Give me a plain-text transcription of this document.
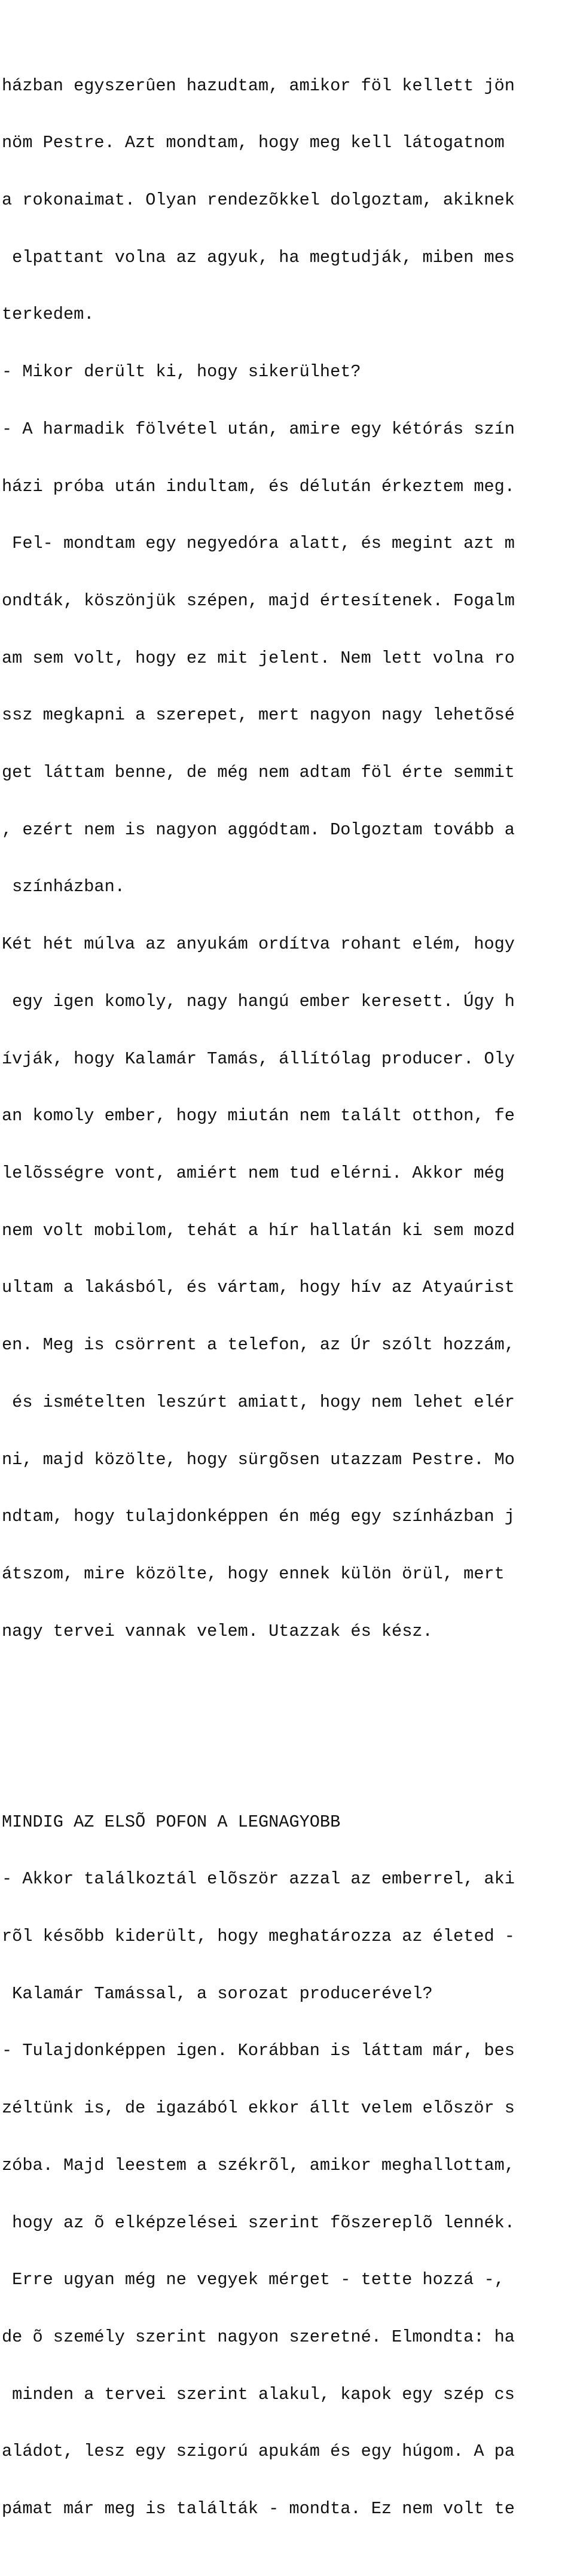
házban egyszerûen hazudtam, amikor föl kellett jön

nöm Pestre. Azt mondtam, hogy meg kell látogatnom

a rokonaimat. Olyan rendezõkkel dolgoztam, akiknek

elpattant volna az agyuk, ha megtudják, miben mes

terkedem.

- Mikor derült ki, hogy sikerülhet?

- A harmadik fölvétel után, amire egy kétórás szín

házi próba után indultam, és délután érkeztem meg.

Fel- mondtam egy negyedóra alatt, és megint azt m

ondták, köszönjük szépen, majd értesítenek. Fogalm

am sem volt, hogy ez mit jelent. Nem lett volna ro

ssz megkapni a szerepet, mert nagyon nagy lehetõsé

get láttam benne, de még nem adtam föl érte semmit

, ezért nem is nagyon aggódtam. Dolgoztam tovább a

színházban.

Két hét múlva az anyukám ordítva rohant elém, hogy

egy igen komoly, nagy hangú ember keresett. Úgy h

ívják, hogy Kalamár Tamás, állítólag producer. Oly

an komoly ember, hogy miután nem talált otthon, fe

lelõsségre vont, amiért nem tud elérni. Akkor még

nem volt mobilom, tehát a hír hallatán ki sem mozd

ultam a lakásból, és vártam, hogy hív az Atyaúrist

en. Meg is csörrent a telefon, az Úr szólt hozzám,

és ismételten leszúrt amiatt, hogy nem lehet elér

ni, majd közölte, hogy sürgõsen utazzam Pestre. Mo

ndtam, hogy tulajdonképpen én még egy színházban j

átszom, mire közölte, hogy ennek külön örül, mert

nagy tervei vannak velem. Utazzak és kész.

MINDIG AZ ELSÕ POFON A LEGNAGYOBB

- Akkor találkoztál elõször azzal az emberrel, aki

rõl késõbb kiderült, hogy meghatározza az életed -

Kalamár Tamással, a sorozat producerével?

- Tulajdonképpen igen. Korábban is láttam már, bes

zéltünk is, de igazából ekkor állt velem elõször s

zóba. Majd leestem a székrõl, amikor meghallottam,

hogy az õ elképzelései szerint fõszereplõ lennék.

Erre ugyan még ne vegyek mérget - tette hozzá -,

de õ személy szerint nagyon szeretné. Elmondta: ha

minden a tervei szerint alakul, kapok egy szép cs

aládot, lesz egy szigorú apukám és egy húgom. A pa

pámat már meg is találták - mondta. Ez nem volt te
